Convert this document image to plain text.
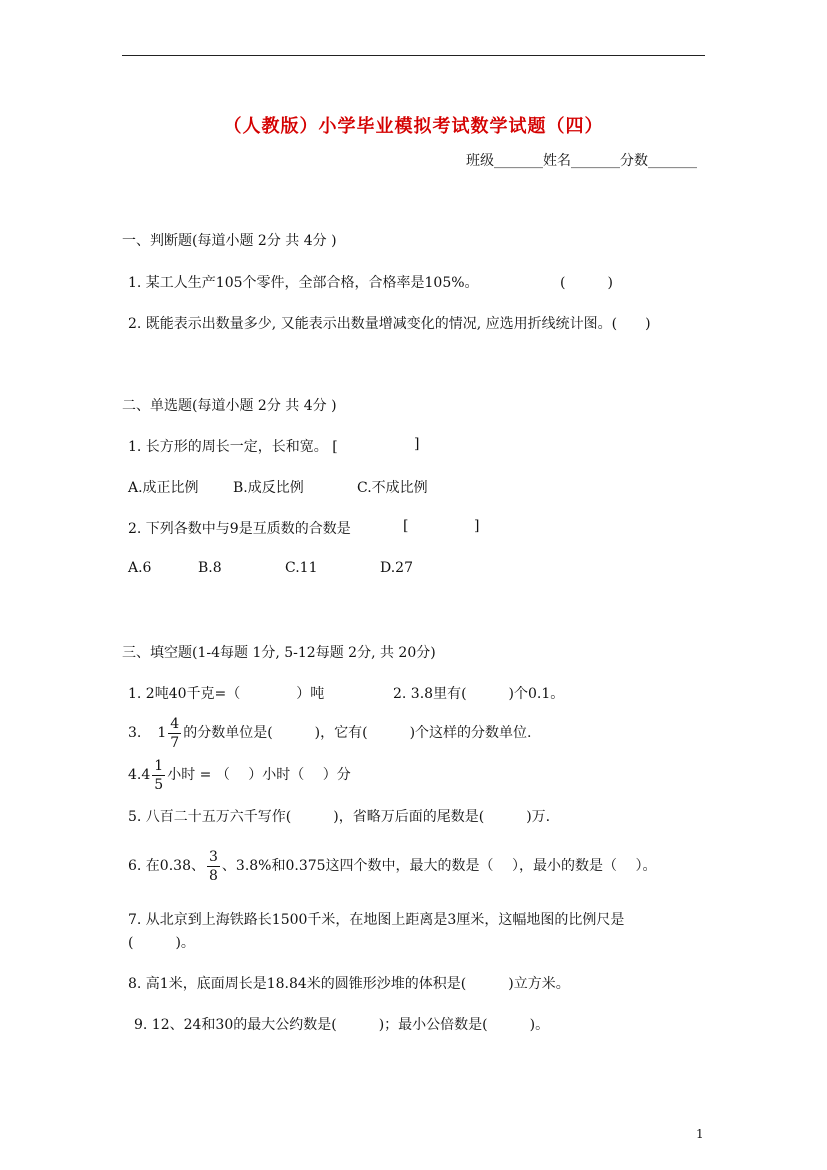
（人教版）小学毕业模拟考试数学试题（四）
班级_______姓名_______分数_______
一、判断题(每道小题 2分 共 4分 )
1. 某工人生产105个零件，全部合格，合格率是105%。	(　　　)
2. 既能表示出数量多少, 又能表示出数量增减变化的情况, 应选用折线统计图。(　　)
二、单选题(每道小题 2分 共 4分 )
1. 长方形的周长一定，长和宽。 [	]
A.成正比例 B.成反比例	C.不成比例
2. 下列各数中与9是互质数的合数是	[	]
A.6	B.8	C.11	D.27
三、填空题(1-4每题 1分, 5-12每题 2分, 共 20分)
1. 2吨40千克=（　　　　）吨	2. 3.8里有(　　　)个0.1。
3. $1 \frac{4}{7}$ 的分数单位是(　　　)，它有(　　　)个这样的分数单位.
$4.4 \frac{1}{5}$ 小时 = （　 ）小时（　 ）分
5. 八百二十五万六千写作(　　　)，省略万后面的尾数是(　　　)万.
6. 在0.38、 $\frac{3}{8}$ 、3.8%和0.375这四个数中，最大的数是（　 ），最小的数是（　 ）。
7. 从北京到上海铁路长1500千米，在地图上距离是3厘米，这幅地图的比例尺是
(　　　)。
8. 高1米，底面周长是18.84米的圆锥形沙堆的体积是(　　　)立方米。
9. 12、24和30的最大公约数是(　　　)；最小公倍数是(　　　)。
1
